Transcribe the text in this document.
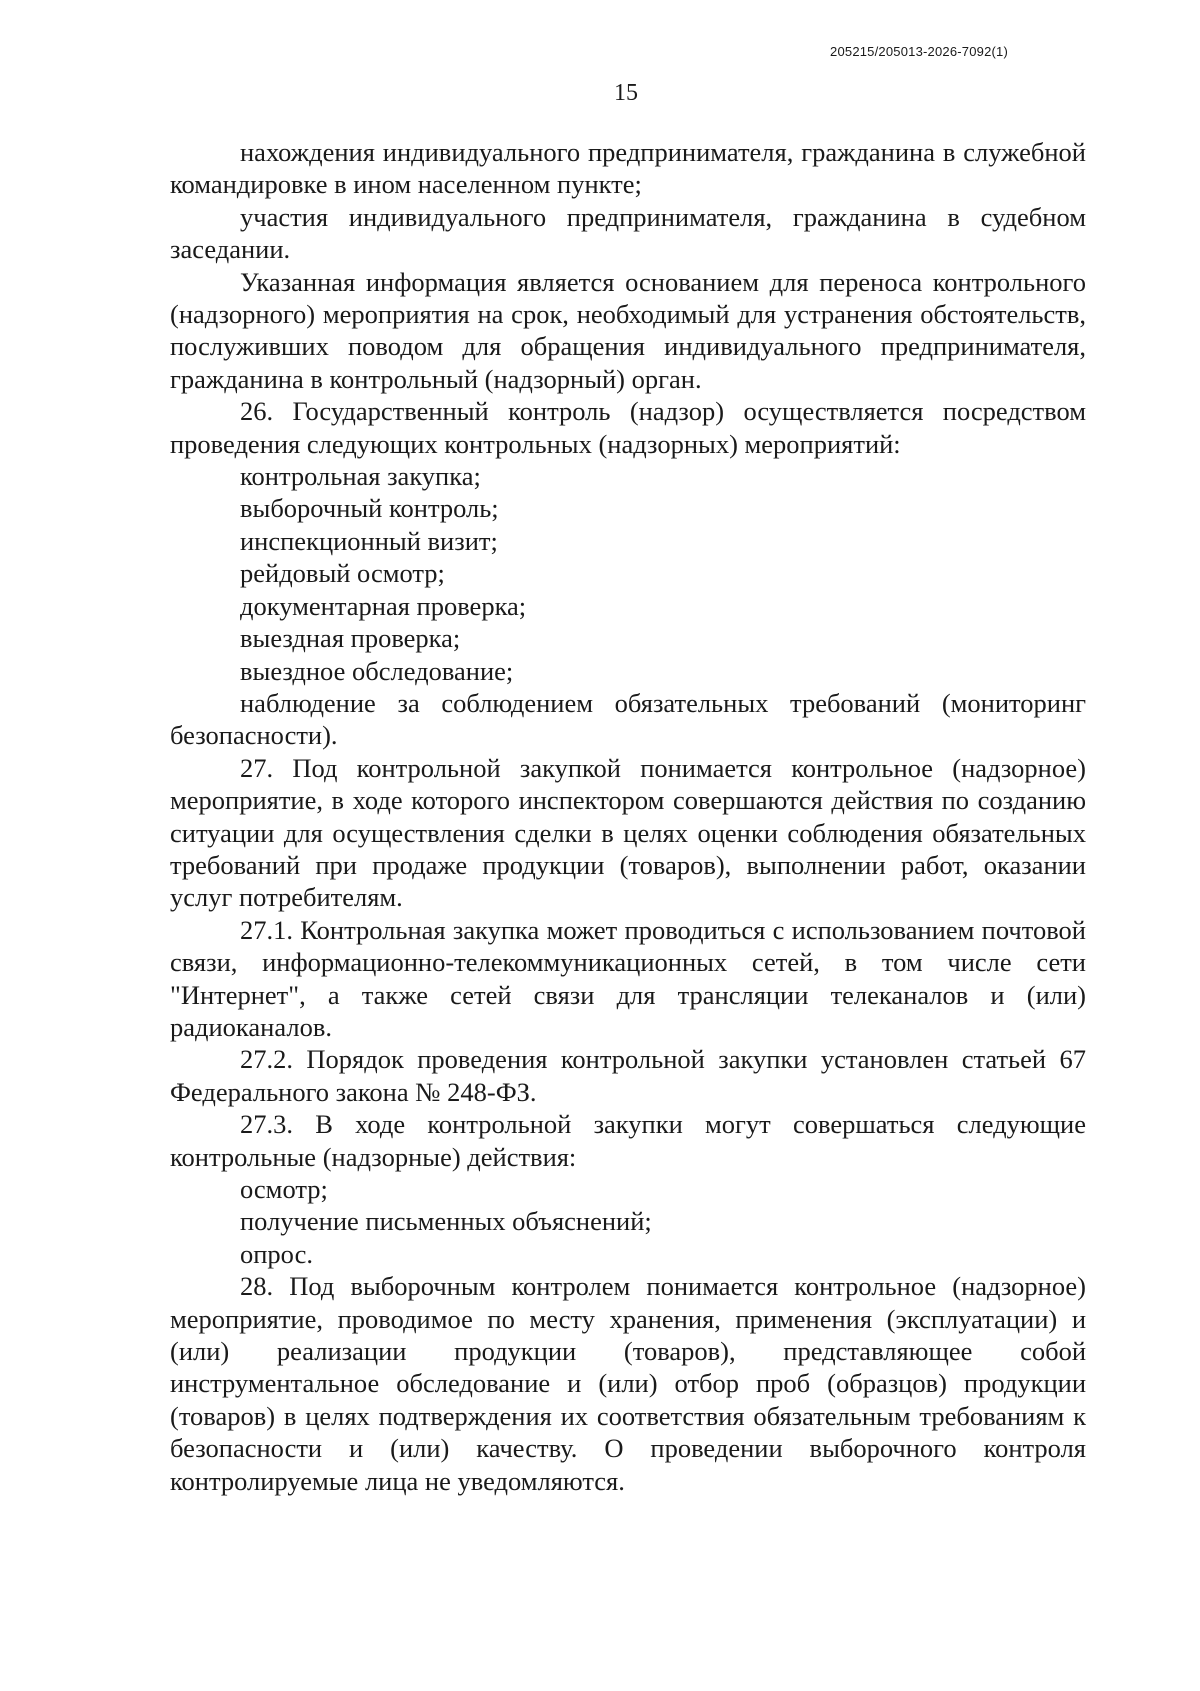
205215/205013-2026-7092(1)
15

нахождения индивидуального предпринимателя, гражданина в служебной командировке в ином населенном пункте;

участия индивидуального предпринимателя, гражданина в судебном заседании.

Указанная информация является основанием для переноса контрольного (надзорного) мероприятия на срок, необходимый для устранения обстоятельств, послуживших поводом для обращения индивидуального предпринимателя, гражданина в контрольный (надзорный) орган.

26. Государственный контроль (надзор) осуществляется посредством проведения следующих контрольных (надзорных) мероприятий:

контрольная закупка;

выборочный контроль;

инспекционный визит;

рейдовый осмотр;

документарная проверка;

выездная проверка;

выездное обследование;

наблюдение за соблюдением обязательных требований (мониторинг безопасности).

27. Под контрольной закупкой понимается контрольное (надзорное) мероприятие, в ходе которого инспектором совершаются действия по созданию ситуации для осуществления сделки в целях оценки соблюдения обязательных требований при продаже продукции (товаров), выполнении работ, оказании услуг потребителям.

27.1. Контрольная закупка может проводиться с использованием почтовой связи, информационно-телекоммуникационных сетей, в том числе сети "Интернет", а также сетей связи для трансляции телеканалов и (или) радиоканалов.

27.2. Порядок проведения контрольной закупки установлен статьей 67 Федерального закона № 248-ФЗ.

27.3. В ходе контрольной закупки могут совершаться следующие контрольные (надзорные) действия:

осмотр;

получение письменных объяснений;

опрос.

28. Под выборочным контролем понимается контрольное (надзорное) мероприятие, проводимое по месту хранения, применения (эксплуатации) и (или) реализации продукции (товаров), представляющее собой инструментальное обследование и (или) отбор проб (образцов) продукции (товаров) в целях подтверждения их соответствия обязательным требованиям к безопасности и (или) качеству. О проведении выборочного контроля контролируемые лица не уведомляются.
